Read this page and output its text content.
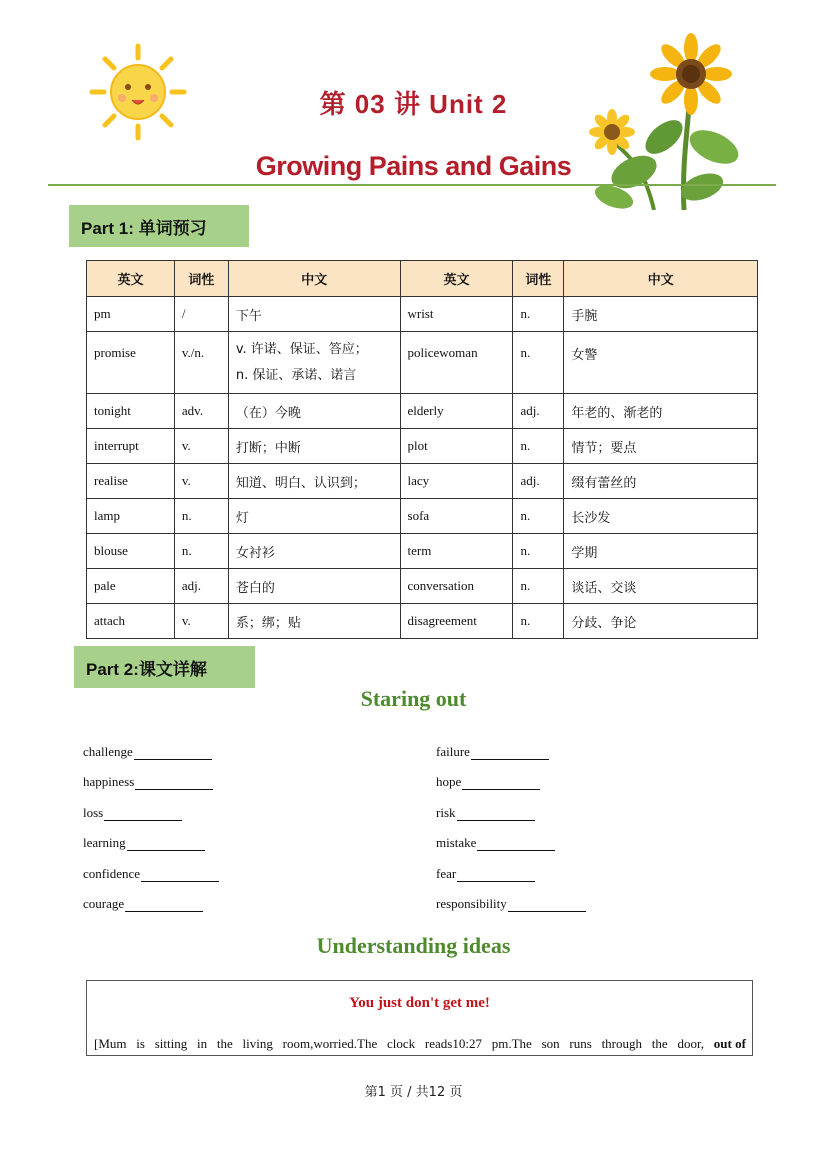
第 03 讲 Unit 2
Growing Pains and Gains
Part 1: 单词预习
英文	词性	中文	英文	词性	中文
pm	/	下午	wrist	n.	手腕
promise	v./n.	v. 许诺、保证、答应；
n. 保证、承诺、诺言	policewoman	n.	女警
tonight	adv.	（在）今晚	elderly	adj.	年老的、渐老的
interrupt	v.	打断；中断	plot	n.	情节；要点
realise	v.	知道、明白、认识到；	lacy	adj.	缀有蕾丝的
lamp	n.	灯	sofa	n.	长沙发
blouse	n.	女衬衫	term	n.	学期
pale	adj.	苍白的	conversation	n.	谈话、交谈
attach	v.	系；绑；贴	disagreement	n.	分歧、争论
Part 2:课文详解
Staring out
challenge
happiness
loss
learning
confidence
courage
failure
hope
risk
mistake
fear
responsibility
Understanding ideas
You just don't get me!
[Mum is sitting in the living room,worried.The clock reads10:27 pm.The son runs through the door, out of
第1 页 / 共12 页
